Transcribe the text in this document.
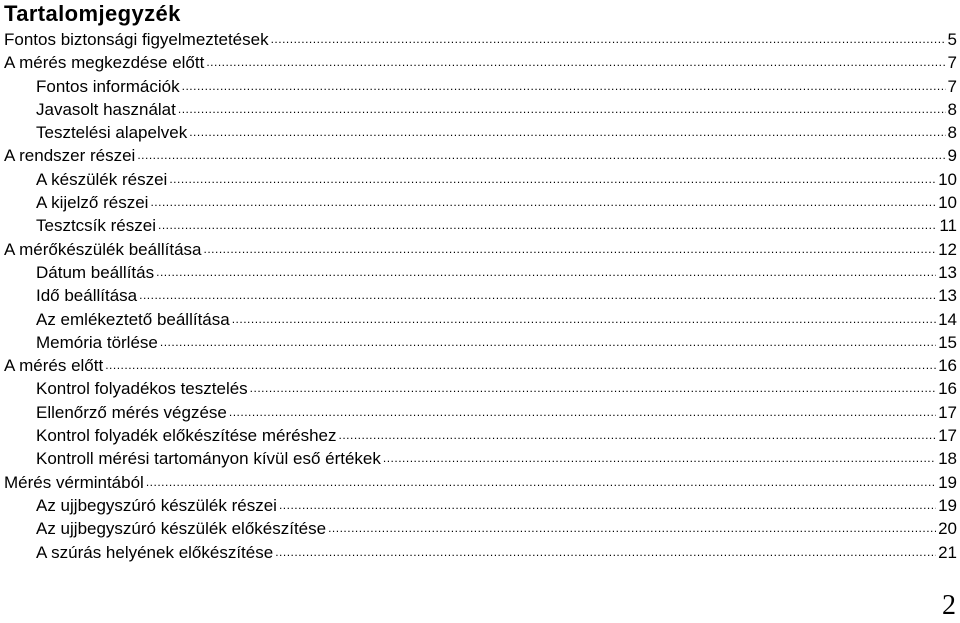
Tartalomjegyzék
Fontos biztonsági figyelmeztetések .....	5
A mérés megkezdése előtt .....	7
Fontos információk .....	7
Javasolt használat .....	8
Tesztelési alapelvek .....	8
A rendszer részei .....	9
A készülék részei .....	10
A kijelző részei .....	10
Tesztcsík részei .....	11
A mérőkészülék beállítása .....	12
Dátum beállítás .....	13
Idő beállítása .....	13
Az emlékeztető beállítása .....	14
Memória törlése .....	15
A mérés előtt .....	16
Kontrol folyadékos tesztelés .....	16
Ellenőrző mérés végzése .....	17
Kontrol folyadék előkészítése méréshez .....	17
Kontroll mérési tartományon kívül eső értékek .....	18
Mérés vérmintából .....	19
Az ujjbegyszúró készülék részei .....	19
Az ujjbegyszúró készülék előkészítése .....	20
A szúrás helyének előkészítése .....	21
2
